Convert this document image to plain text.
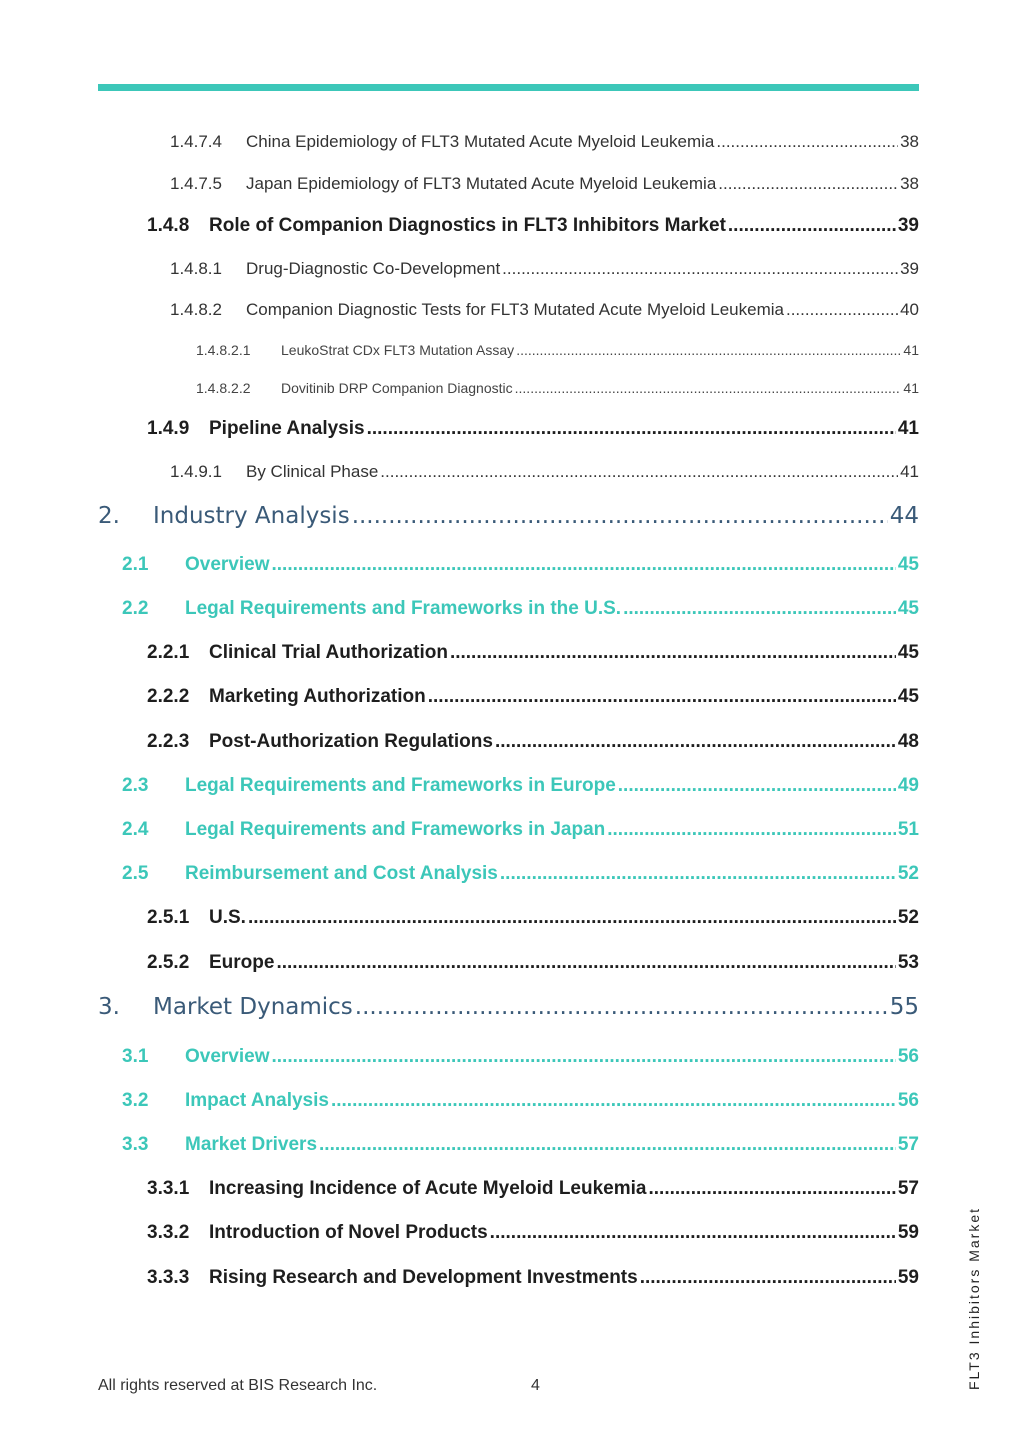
1.4.7.4	China Epidemiology of FLT3 Mutated Acute Myeloid Leukemia .....	38
1.4.7.5	Japan Epidemiology of FLT3 Mutated Acute Myeloid Leukemia .....	38
1.4.8	Role of Companion Diagnostics in FLT3 Inhibitors Market .....	39
1.4.8.1	Drug-Diagnostic Co-Development .....	39
1.4.8.2	Companion Diagnostic Tests for FLT3 Mutated Acute Myeloid Leukemia .....	40
1.4.8.2.1	LeukoStrat CDx FLT3 Mutation Assay .....	41
1.4.8.2.2	Dovitinib DRP Companion Diagnostic .....	41
1.4.9	Pipeline Analysis .....	41
1.4.9.1	By Clinical Phase .....	41
2.	Industry Analysis .....	44
2.1	Overview .....	45
2.2	Legal Requirements and Frameworks in the U.S. .....	45
2.2.1	Clinical Trial Authorization .....	45
2.2.2	Marketing Authorization .....	45
2.2.3	Post-Authorization Regulations .....	48
2.3	Legal Requirements and Frameworks in Europe .....	49
2.4	Legal Requirements and Frameworks in Japan .....	51
2.5	Reimbursement and Cost Analysis .....	52
2.5.1	U.S. .....	52
2.5.2	Europe .....	53
3.	Market Dynamics .....	55
3.1	Overview .....	56
3.2	Impact Analysis .....	56
3.3	Market Drivers .....	57
3.3.1	Increasing Incidence of Acute Myeloid Leukemia .....	57
3.3.2	Introduction of Novel Products .....	59
3.3.3	Rising Research and Development Investments .....	59	FLT3 Inhibitors Market
All rights reserved at BIS Research Inc.	4
